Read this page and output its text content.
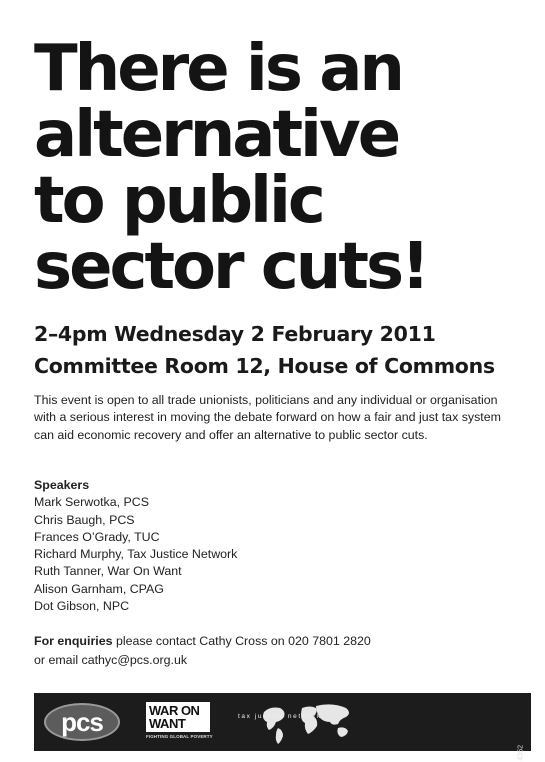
There is an
alternative
to public
sector cuts!
2–4pm Wednesday 2 February 2011
Committee Room 12, House of Commons

This event is open to all trade unionists, politicians and any individual or organisation with a serious interest in moving the debate forward on how a fair and just tax system can aid economic recovery and offer an alternative to public sector cuts.

Speakers
Mark Serwotka, PCS
Chris Baugh, PCS
Frances O’Grady, TUC
Richard Murphy, Tax Justice Network
Ruth Tanner, War On Want
Alison Garnham, CPAG
Dot Gibson, NPC
For enquiries please contact Cathy Cross on 020 7801 2820
or email cathyc@pcs.org.uk
pcs	WAR ON
WANT
FIGHTING GLOBAL POVERTY
tax justice network
4352
